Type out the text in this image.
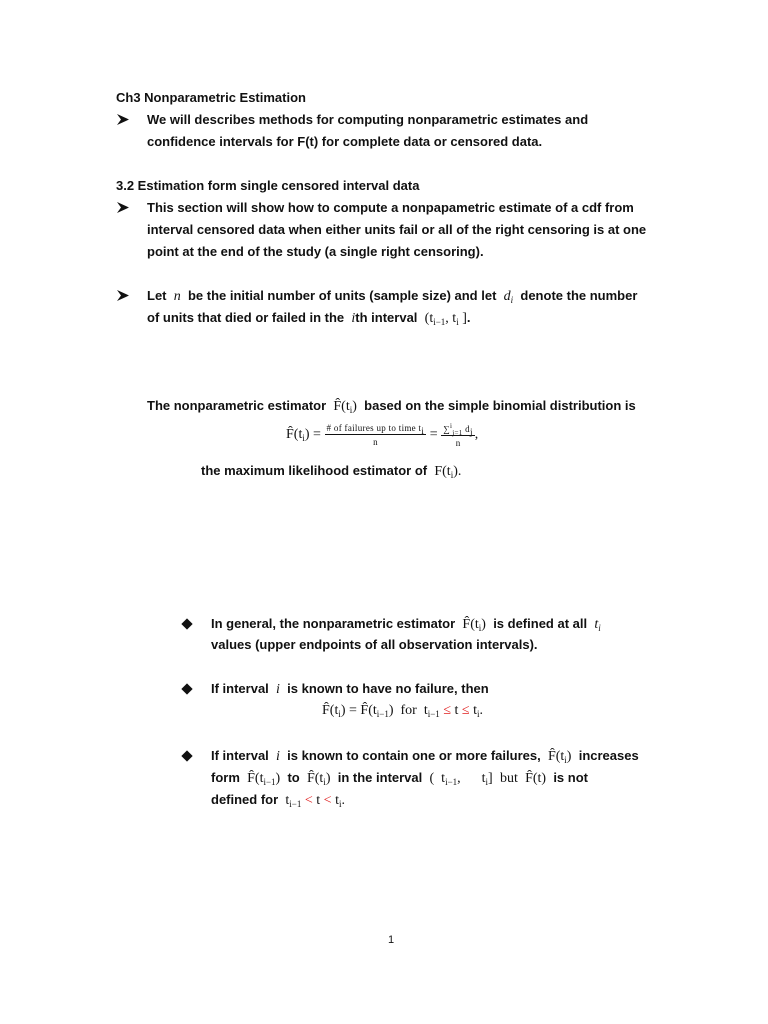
Ch3 Nonparametric Estimation
We will describes methods for computing nonparametric estimates and
confidence intervals for F(t) for complete data or censored data.
3.2 Estimation form single censored interval data
This section will show how to compute a nonpapametric estimate of a cdf from
interval censored data when either units fail or all of the right censoring is at one
point at the end of the study (a single right censoring).
Let n be the initial number of units (sample size) and let $d_i$ denote the number
of units that died or failed in the ith interval ($t_{i-1}$, $t_i$ ].
The nonparametric estimator $F̂(t_i)$ based on the simple binomial distribution is
$F̂(t_i) = \frac{\# of failures up to time t_i}{n} = \frac{\sum^i_{j=1} d_j}{n}$ ,
the maximum likelihood estimator of $F(t_i)$.
In general, the nonparametric estimator $F̂(t_i)$ is defined at all $t_i$
values (upper endpoints of all observation intervals).
If interval i is known to have no failure, then
$F̂(t_i)$ = $F̂(t_{i-1})$  for  $t_{i-1} \le t \le t_i$.
If interval i is known to contain one or more failures, $F̂(t_i)$ increases
form $F̂(t_{i-1})$ to $F̂(t_i)$ in the interval ( $t_{i-1}$, $t_i$] but F̂(t) is not
defined for $t_{i-1} < t < t_i$.
1
